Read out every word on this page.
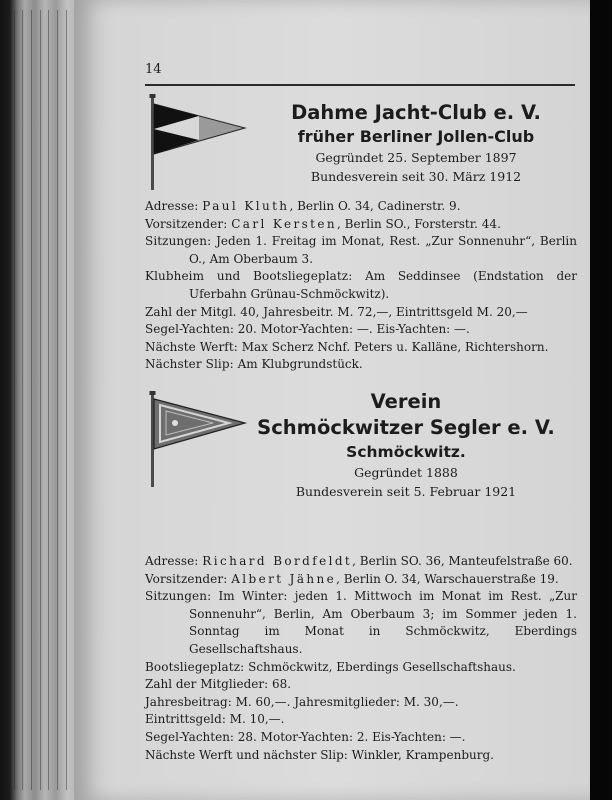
14
Dahme Jacht-Club e. V.
früher Berliner Jollen-Club
Gegründet 25. September 1897
Bundesverein seit 30. März 1912

Adresse: Paul Kluth, Berlin O. 34, Cadinerstr. 9.

Vorsitzender: Carl Kersten, Berlin SO., Forsterstr. 44.

Sitzungen: Jeden 1. Freitag im Monat, Rest. „Zur Sonnenuhr“, Berlin O., Am Oberbaum 3.

Klubheim und Bootsliegeplatz: Am Seddinsee (Endstation der Uferbahn Grünau-Schmöckwitz).

Zahl der Mitgl. 40, Jahresbeitr. M. 72,—, Eintrittsgeld M. 20,—

Segel-Yachten: 20. Motor-Yachten: —. Eis-Yachten: —.

Nächste Werft: Max Scherz Nchf. Peters u. Kalläne, Richtershorn.

Nächster Slip: Am Klubgrundstück.

Verein
Schmöckwitzer Segler e. V.
Schmöckwitz.
Gegründet 1888
Bundesverein seit 5. Februar 1921

Adresse: Richard Bordfeldt, Berlin SO. 36, Manteufelstraße 60.

Vorsitzender: Albert Jähne, Berlin O. 34, Warschauerstraße 19.

Sitzungen: Im Winter: jeden 1. Mittwoch im Monat im Rest. „Zur Sonnenuhr“, Berlin, Am Oberbaum 3; im Sommer jeden 1. Sonntag im Monat in Schmöckwitz, Eberdings Gesellschaftshaus.

Bootsliegeplatz: Schmöckwitz, Eberdings Gesellschaftshaus.

Zahl der Mitglieder: 68.

Jahresbeitrag: M. 60,—. Jahresmitglieder: M. 30,—.

Eintrittsgeld: M. 10,—.

Segel-Yachten: 28. Motor-Yachten: 2. Eis-Yachten: —.

Nächste Werft und nächster Slip: Winkler, Krampenburg.
